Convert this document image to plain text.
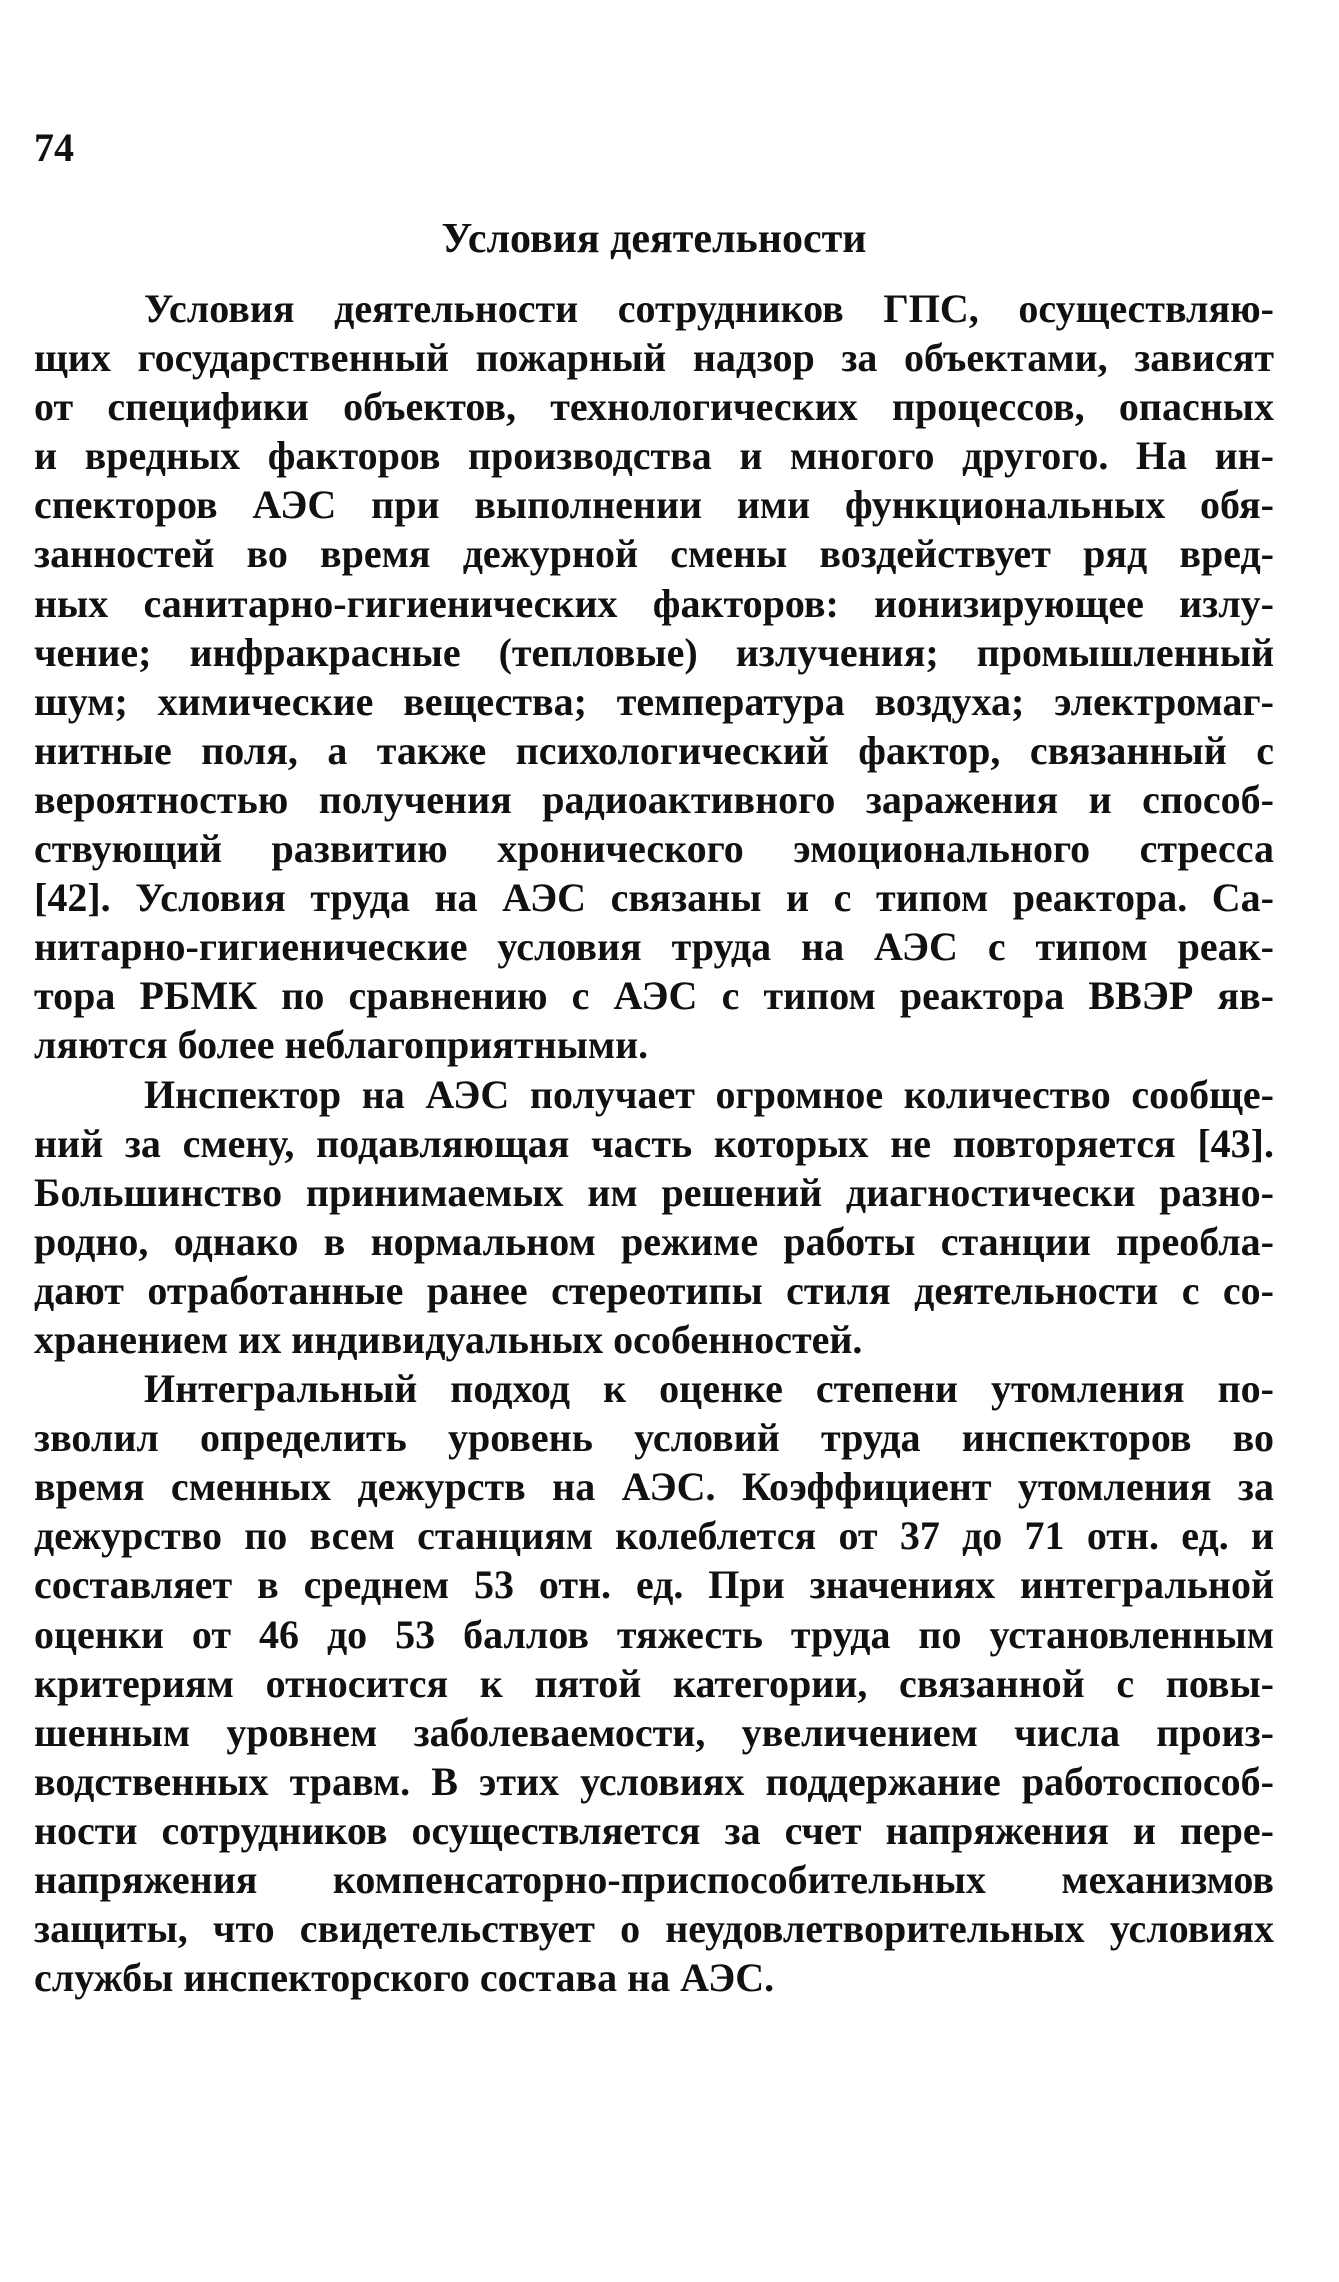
74
Условия деятельности

Условия деятельности сотрудников ГПС, осуществляю-
щих государственный пожарный надзор за объектами, зависят
от специфики объектов, технологических процессов, опасных
и вредных факторов производства и многого другого. На ин-
спекторов АЭС при выполнении ими функциональных обя-
занностей во время дежурной смены воздействует ряд вред-
ных санитарно-гигиенических факторов: ионизирующее излу-
чение; инфракрасные (тепловые) излучения; промышленный
шум; химические вещества; температура воздуха; электромаг-
нитные поля, а также психологический фактор, связанный с
вероятностью получения радиоактивного заражения и способ-
ствующий развитию хронического эмоционального стресса
[42]. Условия труда на АЭС связаны и с типом реактора. Са-
нитарно-гигиенические условия труда на АЭС с типом реак-
тора РБМК по сравнению с АЭС с типом реактора ВВЭР яв-
ляются более неблагоприятными.

Инспектор на АЭС получает огромное количество сообще-
ний за смену, подавляющая часть которых не повторяется [43].
Большинство принимаемых им решений диагностически разно-
родно, однако в нормальном режиме работы станции преобла-
дают отработанные ранее стереотипы стиля деятельности с со-
хранением их индивидуальных особенностей.

Интегральный подход к оценке степени утомления по-
зволил определить уровень условий труда инспекторов во
время сменных дежурств на АЭС. Коэффициент утомления за
дежурство по всем станциям колеблется от 37 до 71 отн. ед. и
составляет в среднем 53 отн. ед. При значениях интегральной
оценки от 46 до 53 баллов тяжесть труда по установленным
критериям относится к пятой категории, связанной с повы-
шенным уровнем заболеваемости, увеличением числа произ-
водственных травм. В этих условиях поддержание работоспособ-
ности сотрудников осуществляется за счет напряжения и пере-
напряжения компенсаторно-приспособительных механизмов
защиты, что свидетельствует о неудовлетворительных условиях
службы инспекторского состава на АЭС.
